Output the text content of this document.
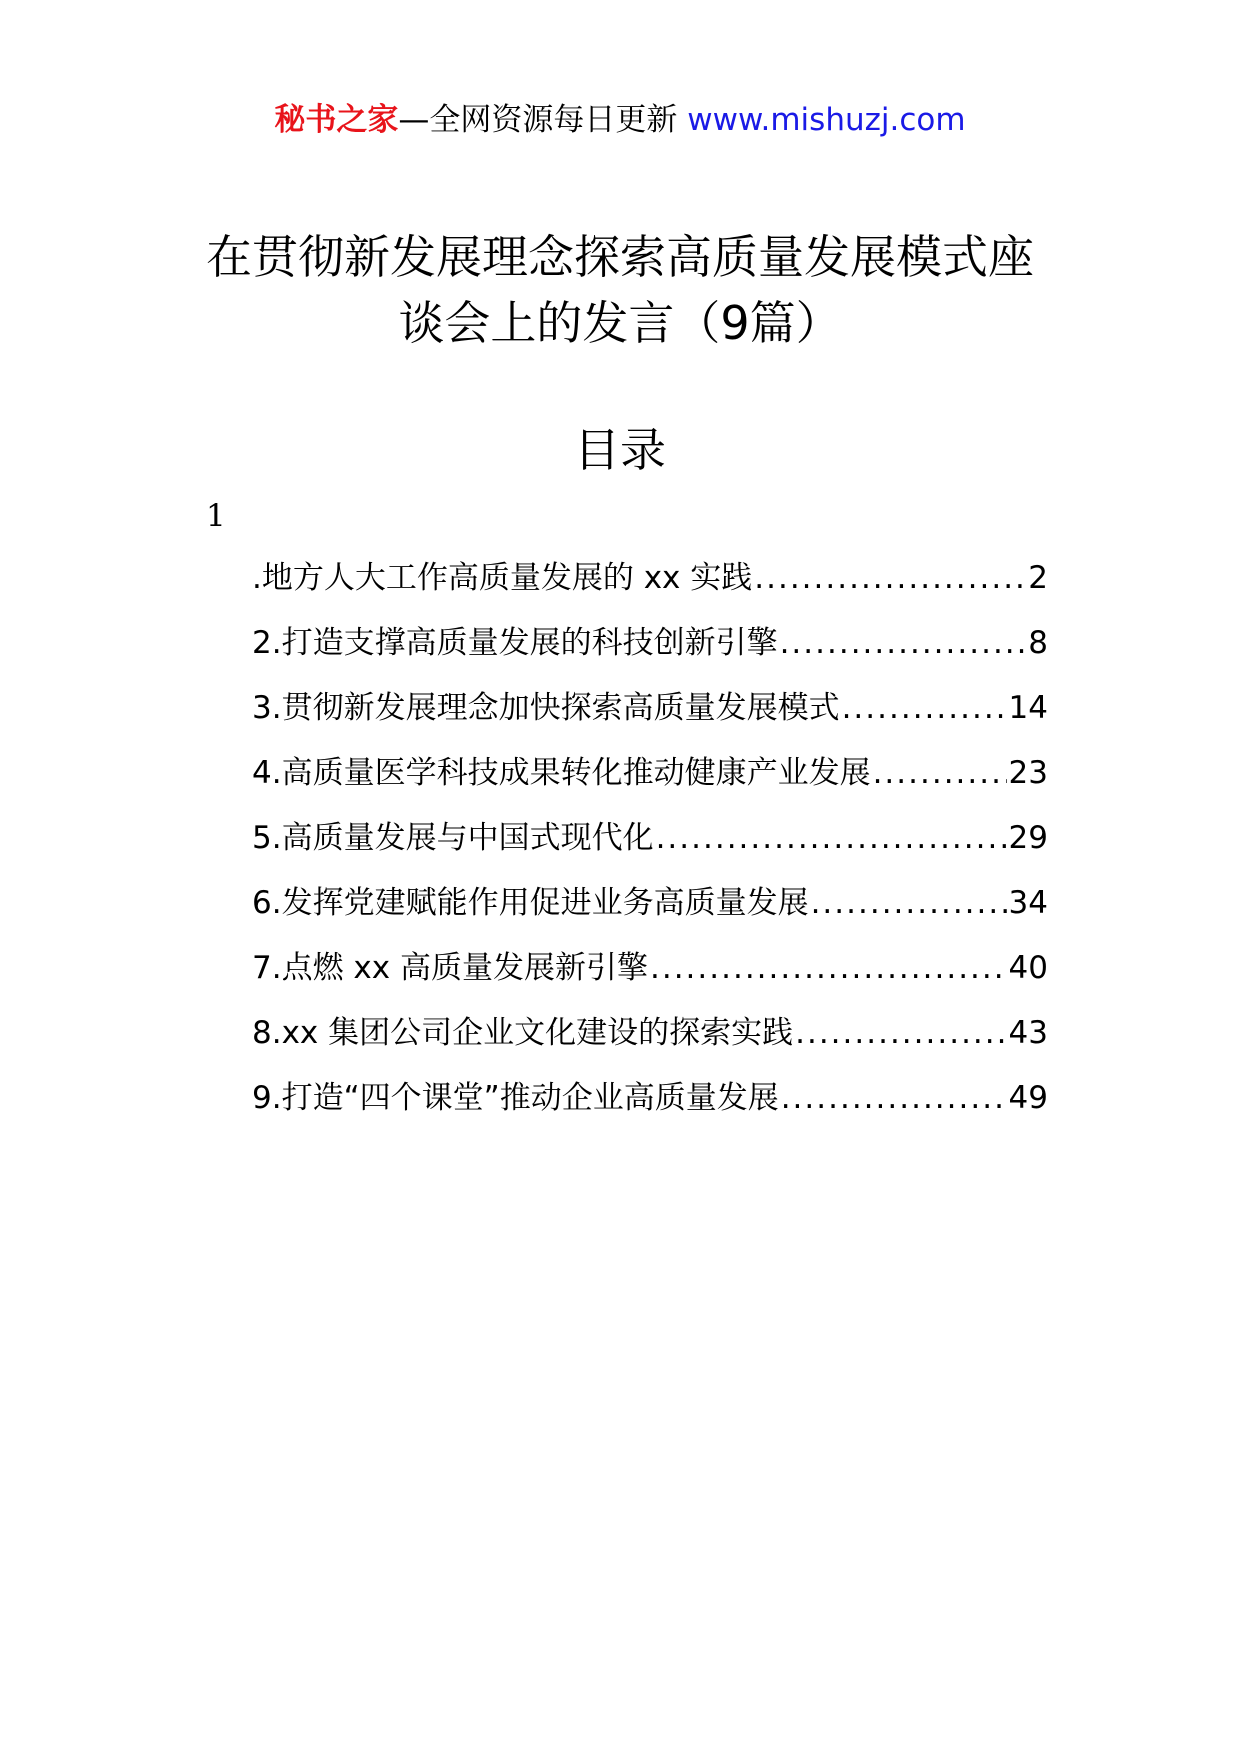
秘书之家—全网资源每日更新 www.mishuzj.com
在贯彻新发展理念探索高质量发展模式座
谈会上的发言（9篇）
目录
1
.地方人大工作高质量发展的 xx 实践 .....	2
2.打造支撑高质量发展的科技创新引擎 .....	8
3.贯彻新发展理念加快探索高质量发展模式 .....	14
4.高质量医学科技成果转化推动健康产业发展 .....	23
5.高质量发展与中国式现代化 .....	29
6.发挥党建赋能作用促进业务高质量发展 .....	34
7.点燃 xx 高质量发展新引擎 .....	40
8.xx 集团公司企业文化建设的探索实践 .....	43
9.打造“四个课堂”推动企业高质量发展 .....	49
